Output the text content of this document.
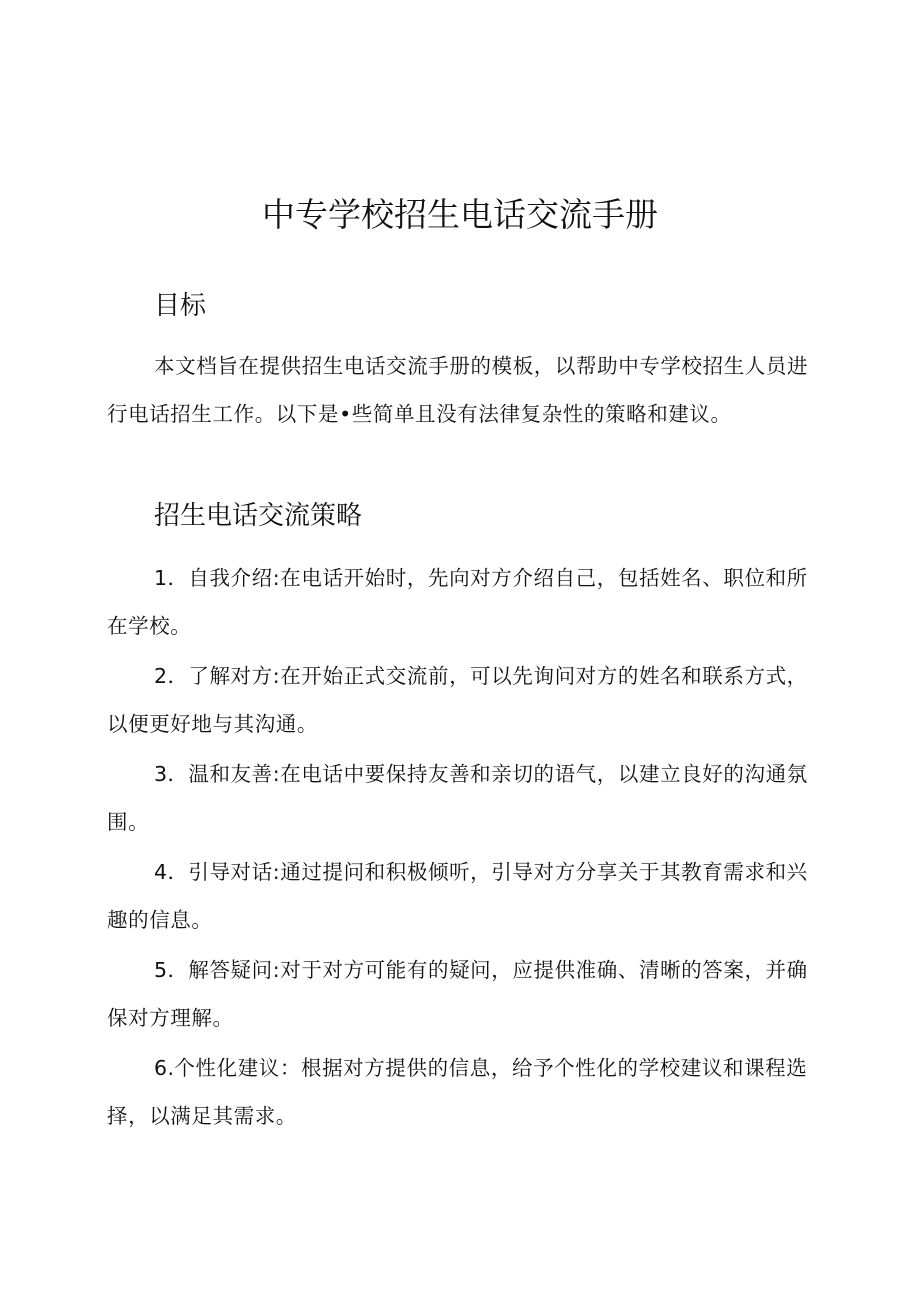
中专学校招生电话交流手册
目标

本文档旨在提供招生电话交流手册的模板，以帮助中专学校招生人员进行电话招生工作。以下是•些简单且没有法律复杂性的策略和建议。

招生电话交流策略

1．自我介绍:在电话开始时，先向对方介绍自己，包括姓名、职位和所在学校。

2．了解对方:在开始正式交流前，可以先询问对方的姓名和联系方式，以便更好地与其沟通。

3．温和友善:在电话中要保持友善和亲切的语气，以建立良好的沟通氛围。

4．引导对话:通过提问和积极倾听，引导对方分享关于其教育需求和兴趣的信息。

5．解答疑问:对于对方可能有的疑问，应提供准确、清晰的答案，并确保对方理解。

6.个性化建议：根据对方提供的信息，给予个性化的学校建议和课程选择，以满足其需求。
